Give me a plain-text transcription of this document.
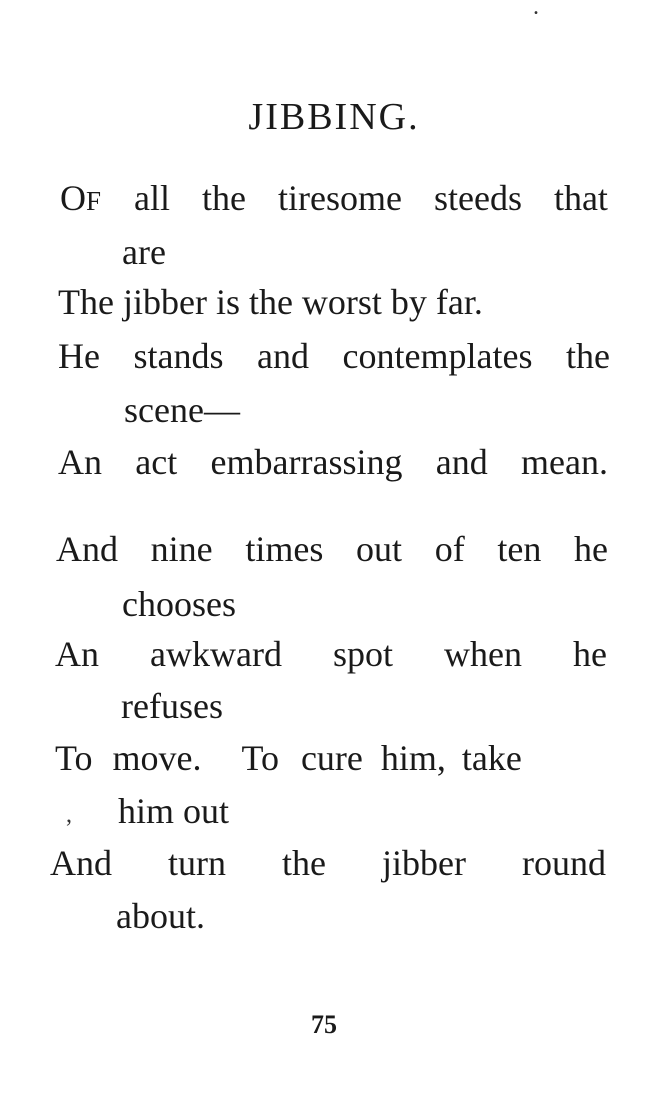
.
JIBBING.
OF all the tiresome steeds that
are
The jibber is the worst by far.
He stands and contemplates the
scene—
An act embarrassing and mean.
And nine times out of ten he
chooses
An awkward spot when he
refuses
To move. To cure him, take
, him out
And turn the jibber round
about.
75
